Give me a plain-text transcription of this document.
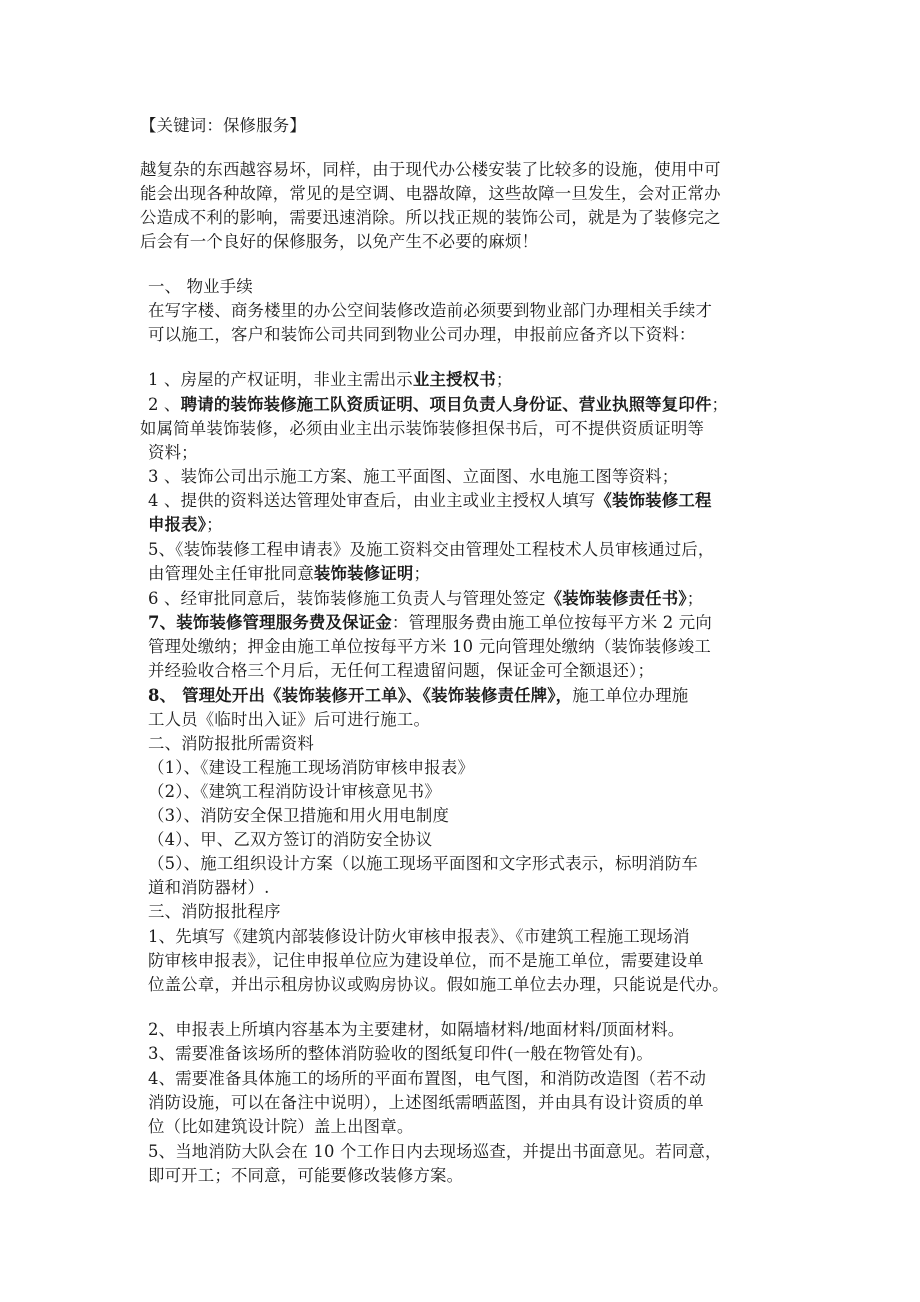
【关键词：保修服务】
越复杂的东西越容易坏，同样，由于现代办公楼安装了比较多的设施，使用中可
能会出现各种故障，常见的是空调、电器故障，这些故障一旦发生，会对正常办
公造成不利的影响，需要迅速消除。所以找正规的装饰公司，就是为了装修完之
后会有一个良好的保修服务，以免产生不必要的麻烦！
一、 物业手续
在写字楼、商务楼里的办公空间装修改造前必须要到物业部门办理相关手续才
可以施工，客户和装饰公司共同到物业公司办理，申报前应备齐以下资料：
1 、房屋的产权证明，非业主需出示业主授权书；
2 、聘请的装饰装修施工队资质证明、项目负责人身份证、营业执照等复印件；
如属简单装饰装修，必须由业主出示装饰装修担保书后，可不提供资质证明等
资料；
3 、装饰公司出示施工方案、施工平面图、立面图、水电施工图等资料；
4 、提供的资料送达管理处审查后，由业主或业主授权人填写《装饰装修工程
申报表》；
5、《装饰装修工程申请表》及施工资料交由管理处工程枝术人员审核通过后，
由管理处主任审批同意装饰装修证明；
6 、经审批同意后，装饰装修施工负责人与管理处签定《装饰装修责任书》；
7、装饰装修管理服务费及保证金：管理服务费由施工单位按每平方米 2 元向
管理处缴纳；押金由施工单位按每平方米 10 元向管理处缴纳（装饰装修竣工
并经验收合格三个月后，无任何工程遗留问题，保证金可全额退还）；
8、 管理处开出《装饰装修开工单》、《装饰装修责任牌》，施工单位办理施
工人员《临时出入证》后可进行施工。
二、消防报批所需资料
（1）、《建设工程施工现场消防审核申报表》
（2）、《建筑工程消防设计审核意见书》
（3）、消防安全保卫措施和用火用电制度
（4）、甲、乙双方签订的消防安全协议
（5）、施工组织设计方案（以施工现场平面图和文字形式表示，标明消防车
道和消防器材）.
三、消防报批程序
1、先填写《建筑内部装修设计防火审核申报表》、《市建筑工程施工现场消
防审核申报表》，记住申报单位应为建设单位，而不是施工单位，需要建设单
位盖公章，并出示租房协议或购房协议。假如施工单位去办理，只能说是代办。
2、申报表上所填内容基本为主要建材，如隔墙材料/地面材料/顶面材料。
3、需要准备该场所的整体消防验收的图纸复印件(一般在物管处有)。
4、需要准备具体施工的场所的平面布置图，电气图，和消防改造图（若不动
消防设施，可以在备注中说明），上述图纸需晒蓝图，并由具有设计资质的单
位（比如建筑设计院）盖上出图章。
5、当地消防大队会在 10 个工作日内去现场巡查，并提出书面意见。若同意，
即可开工；不同意，可能要修改装修方案。
